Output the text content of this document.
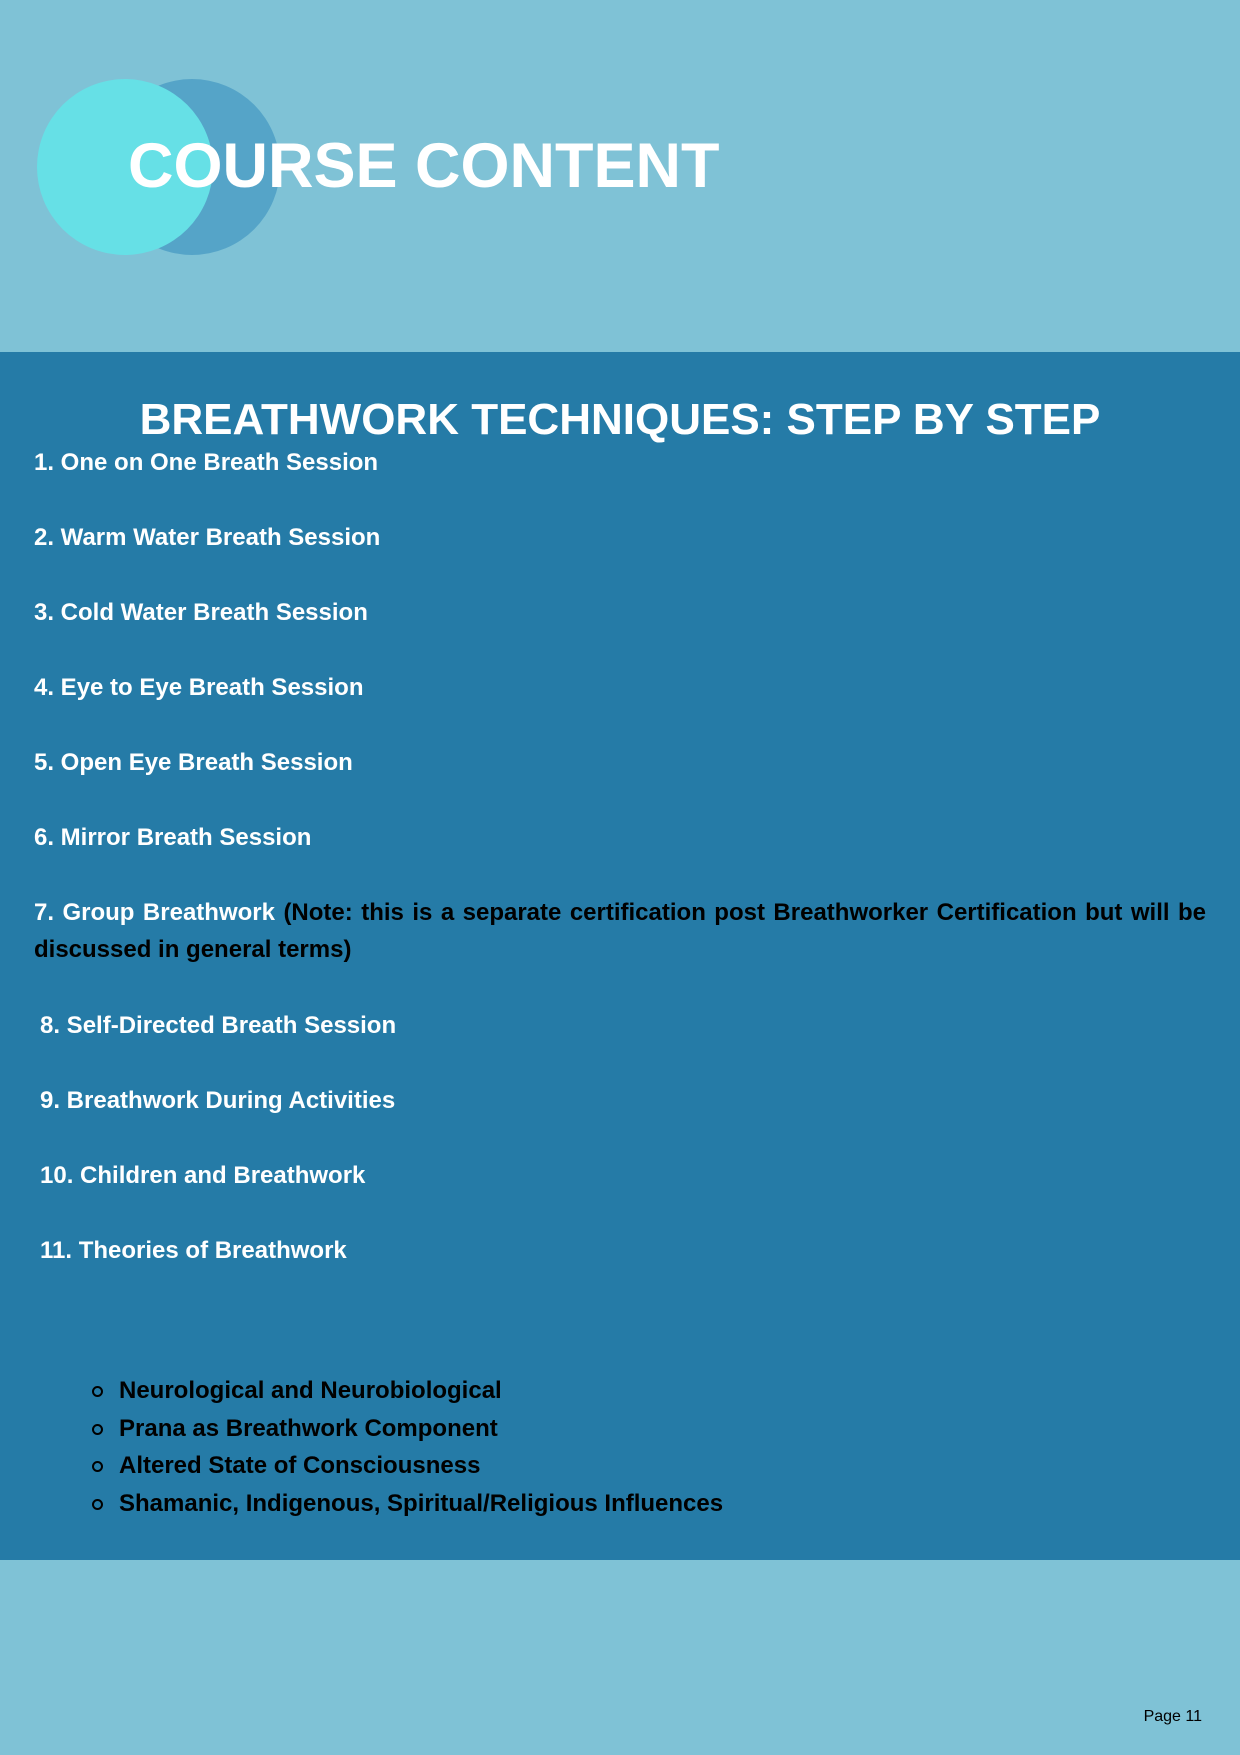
COURSE CONTENT
BREATHWORK TECHNIQUES: STEP BY STEP

1. One on One Breath Session

2. Warm Water Breath Session

3. Cold Water Breath Session

4. Eye to Eye Breath Session

5. Open Eye Breath Session

6. Mirror Breath Session

7. Group Breathwork (Note: this is a separate certification post Breathworker Certification but will be discussed in general terms)

8. Self-Directed Breath Session

9. Breathwork During Activities

10. Children and Breathwork

11. Theories of Breathwork

Neurological and Neurobiological
Prana as Breathwork Component
Altered State of Consciousness
Shamanic, Indigenous, Spiritual/Religious Influences

Page 11
